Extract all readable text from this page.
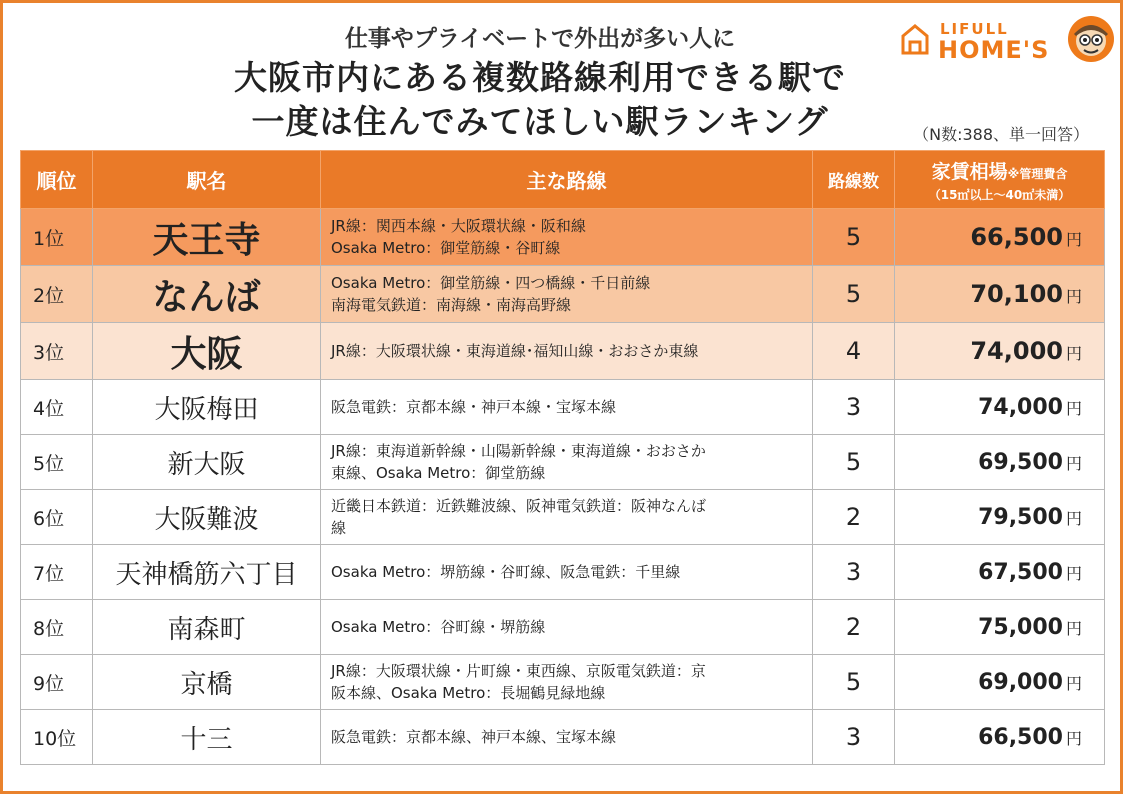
仕事やプライベートで外出が多い人に
大阪市内にある複数路線利用できる駅で
一度は住んでみてほしい駅ランキング	（N数:388、単一回答）
LIFULL
HOME'S
順位	駅名	主な路線	路線数	家賃相場※管理費含
（15㎡以上～40㎡未満）

1位	天王寺	JR線：関西本線・大阪環状線・阪和線
Osaka Metro：御堂筋線・谷町線	5	66,500 円
2位	なんば	Osaka Metro：御堂筋線・四つ橋線・千日前線
南海電気鉄道：南海線・南海高野線	5	70,100 円
3位	大阪	JR線：大阪環状線・東海道線･福知山線・おおさか東線	4	74,000 円
4位	大阪梅田	阪急電鉄：京都本線・神戸本線・宝塚本線	3	74,000 円
5位	新大阪	JR線：東海道新幹線・山陽新幹線・東海道線・おおさか
東線、Osaka Metro：御堂筋線	5	69,500 円
6位	大阪難波	近畿日本鉄道：近鉄難波線、阪神電気鉄道：阪神なんば
線	2	79,500 円
7位	天神橋筋六丁目	Osaka Metro：堺筋線・谷町線、阪急電鉄：千里線	3	67,500 円
8位	南森町	Osaka Metro：谷町線・堺筋線	2	75,000 円
9位	京橋	JR線：大阪環状線・片町線・東西線、京阪電気鉄道：京
阪本線、Osaka Metro：長堀鶴見緑地線	5	69,000 円
10位	十三	阪急電鉄：京都本線、神戸本線、宝塚本線	3	66,500 円
